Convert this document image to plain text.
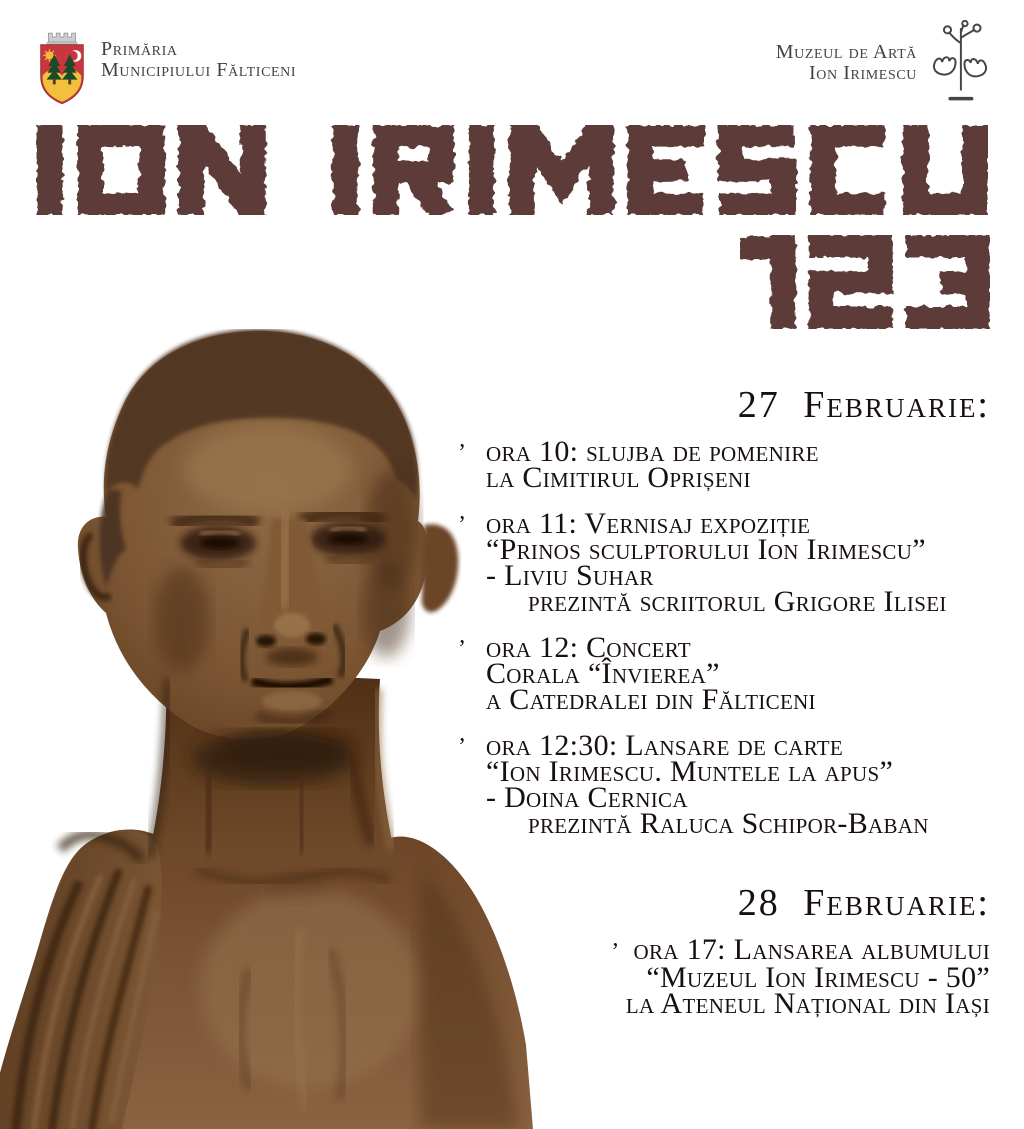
Primăria
Municipiului Fălticeni
Muzeul de Artă
Ion Irimescu
27 Februarie:
’ ora 10: slujba de pomenire
la Cimitirul Oprișeni
’ ora 11: Vernisaj expoziție
“Prinos sculptorului Ion Irimescu”
- Liviu Suhar
prezintă scriitorul Grigore Ilisei
’ ora 12: Concert
Corala “Învierea”
a Catedralei din Fălticeni
’ ora 12:30: Lansare de carte
“Ion Irimescu. Muntele la apus”
- Doina Cernica
prezintă Raluca Schipor-Baban
28 Februarie:
’ ora 17: Lansarea albumului
“Muzeul Ion Irimescu - 50”
la Ateneul Național din Iași
